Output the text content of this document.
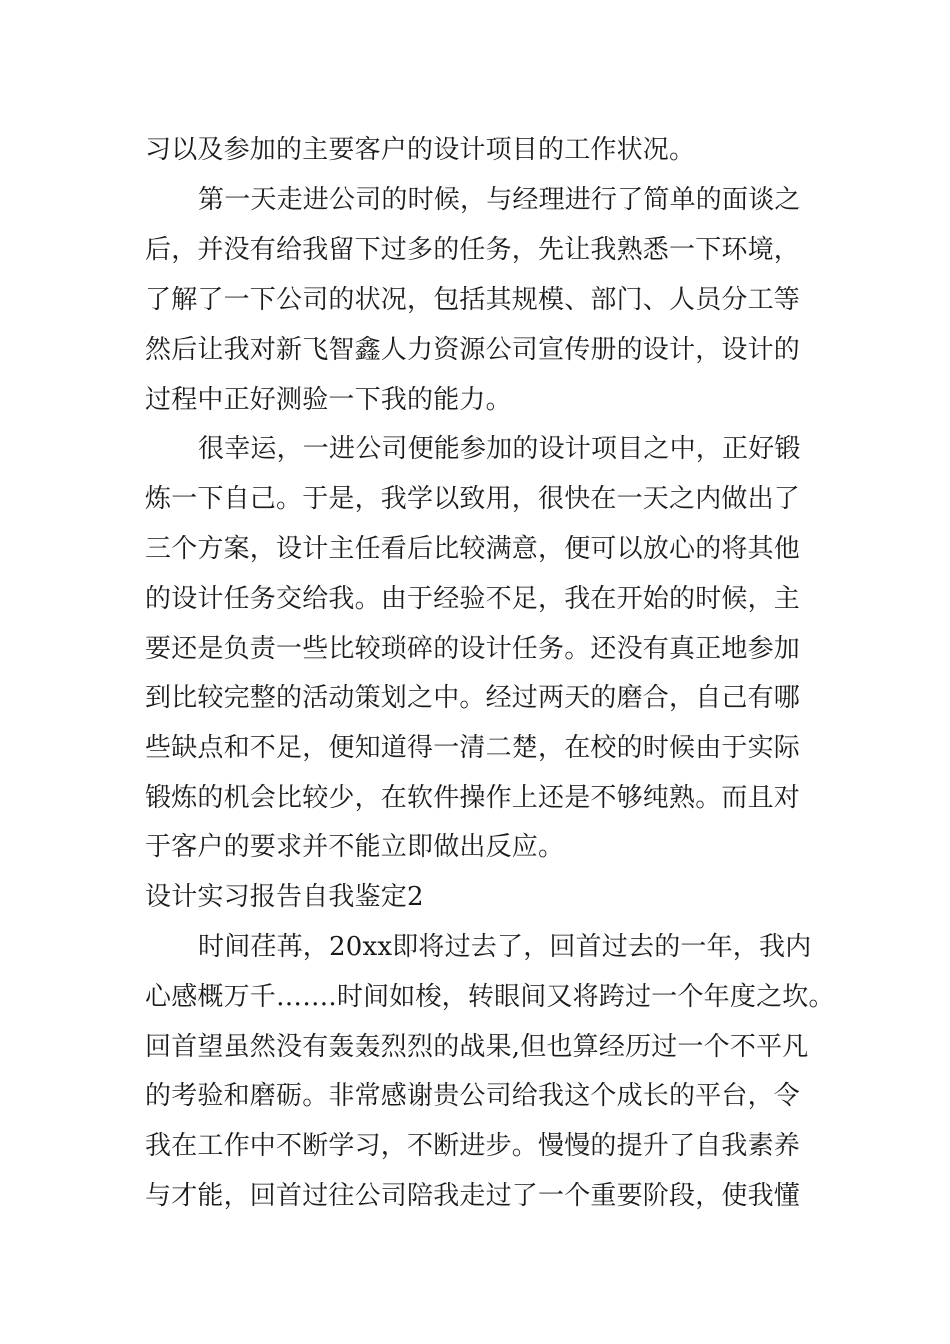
习以及参加的主要客户的设计项目的工作状况。
第一天走进公司的时候，与经理进行了简单的面谈之
后，并没有给我留下过多的任务，先让我熟悉一下环境，
了解了一下公司的状况，包括其规模、部门、人员分工等
然后让我对新飞智鑫人力资源公司宣传册的设计，设计的
过程中正好测验一下我的能力。
很幸运，一进公司便能参加的设计项目之中，正好锻
炼一下自己。于是，我学以致用，很快在一天之内做出了
三个方案，设计主任看后比较满意，便可以放心的将其他
的设计任务交给我。由于经验不足，我在开始的时候，主
要还是负责一些比较琐碎的设计任务。还没有真正地参加
到比较完整的活动策划之中。经过两天的磨合，自己有哪
些缺点和不足，便知道得一清二楚，在校的时候由于实际
锻炼的机会比较少，在软件操作上还是不够纯熟。而且对
于客户的要求并不能立即做出反应。
设计实习报告自我鉴定2
时间荏苒，20xx即将过去了，回首过去的一年，我内
心感概万千…….时间如梭，转眼间又将跨过一个年度之坎。
回首望虽然没有轰轰烈烈的战果,但也算经历过一个不平凡
的考验和磨砺。非常感谢贵公司给我这个成长的平台，令
我在工作中不断学习，不断进步。慢慢的提升了自我素养
与才能，回首过往公司陪我走过了一个重要阶段，使我懂
